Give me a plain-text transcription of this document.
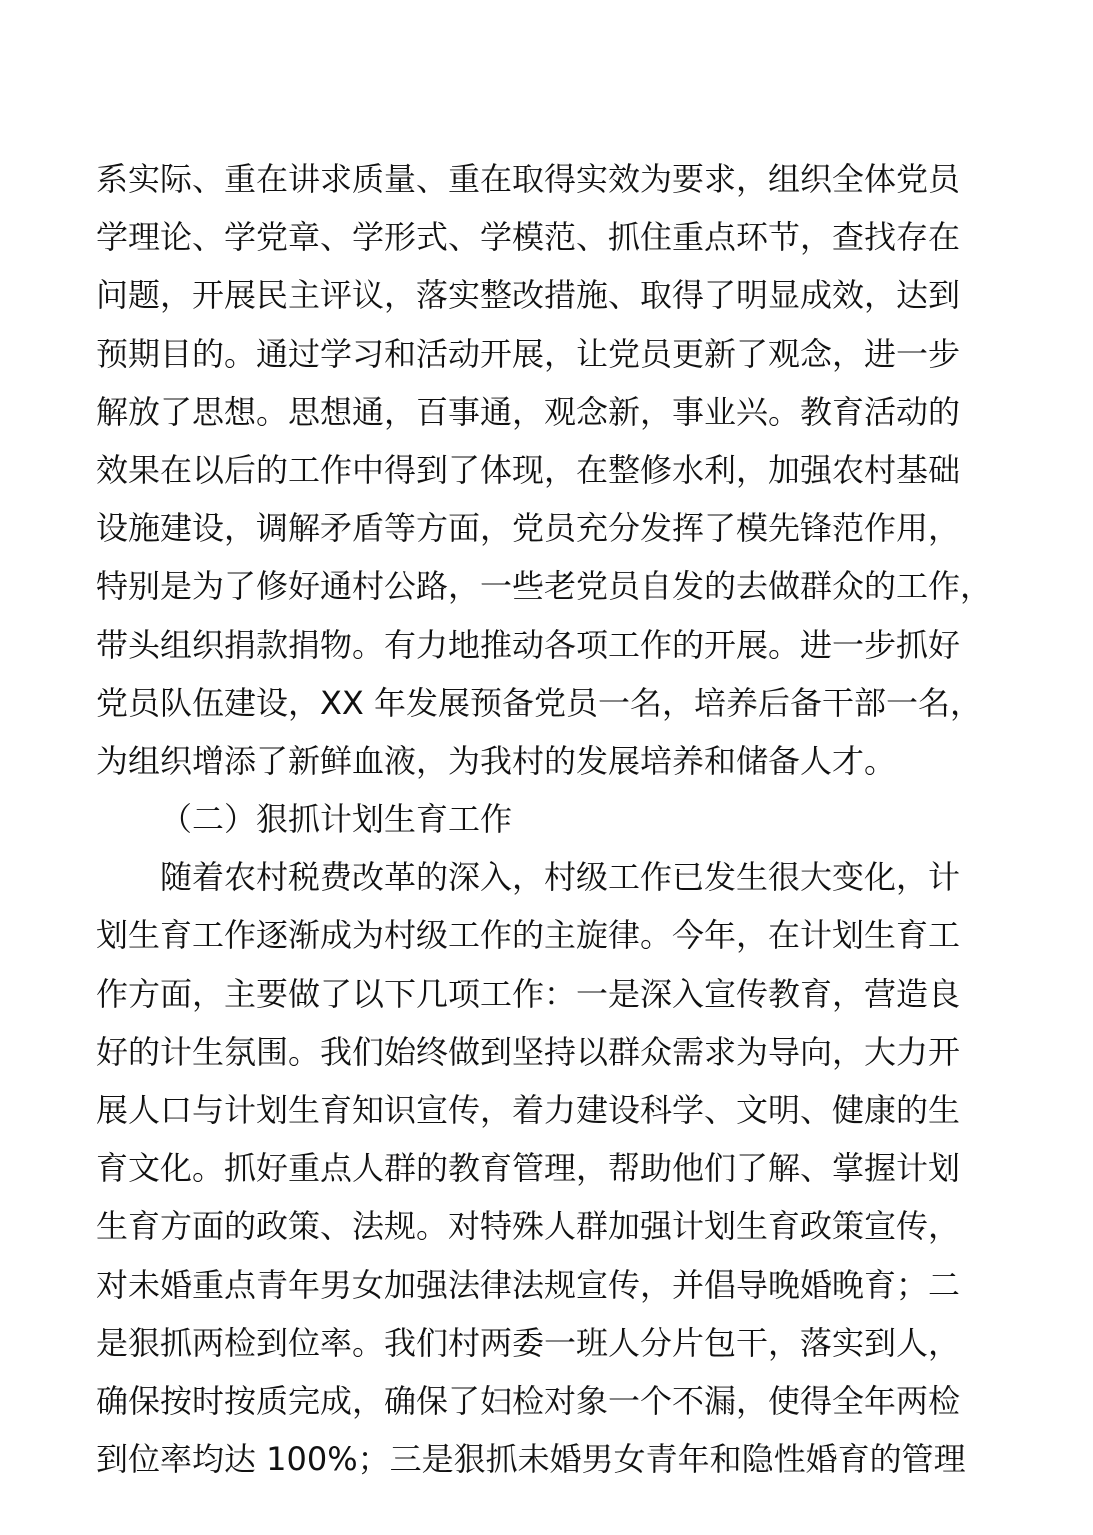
系实际、重在讲求质量、重在取得实效为要求，组织全体党员
学理论、学党章、学形式、学模范、抓住重点环节，查找存在
问题，开展民主评议，落实整改措施、取得了明显成效，达到
预期目的。通过学习和活动开展，让党员更新了观念，进一步
解放了思想。思想通，百事通，观念新，事业兴。教育活动的
效果在以后的工作中得到了体现，在整修水利，加强农村基础
设施建设，调解矛盾等方面，党员充分发挥了模先锋范作用，
特别是为了修好通村公路，一些老党员自发的去做群众的工作，
带头组织捐款捐物。有力地推动各项工作的开展。进一步抓好
党员队伍建设，XX 年发展预备党员一名，培养后备干部一名，
为组织增添了新鲜血液，为我村的发展培养和储备人才。
（二）狠抓计划生育工作
随着农村税费改革的深入，村级工作已发生很大变化，计
划生育工作逐渐成为村级工作的主旋律。今年，在计划生育工
作方面，主要做了以下几项工作：一是深入宣传教育，营造良
好的计生氛围。我们始终做到坚持以群众需求为导向，大力开
展人口与计划生育知识宣传，着力建设科学、文明、健康的生
育文化。抓好重点人群的教育管理，帮助他们了解、掌握计划
生育方面的政策、法规。对特殊人群加强计划生育政策宣传，
对未婚重点青年男女加强法律法规宣传，并倡导晚婚晚育；二
是狠抓两检到位率。我们村两委一班人分片包干，落实到人，
确保按时按质完成，确保了妇检对象一个不漏，使得全年两检
到位率均达 100%；三是狠抓未婚男女青年和隐性婚育的管理
